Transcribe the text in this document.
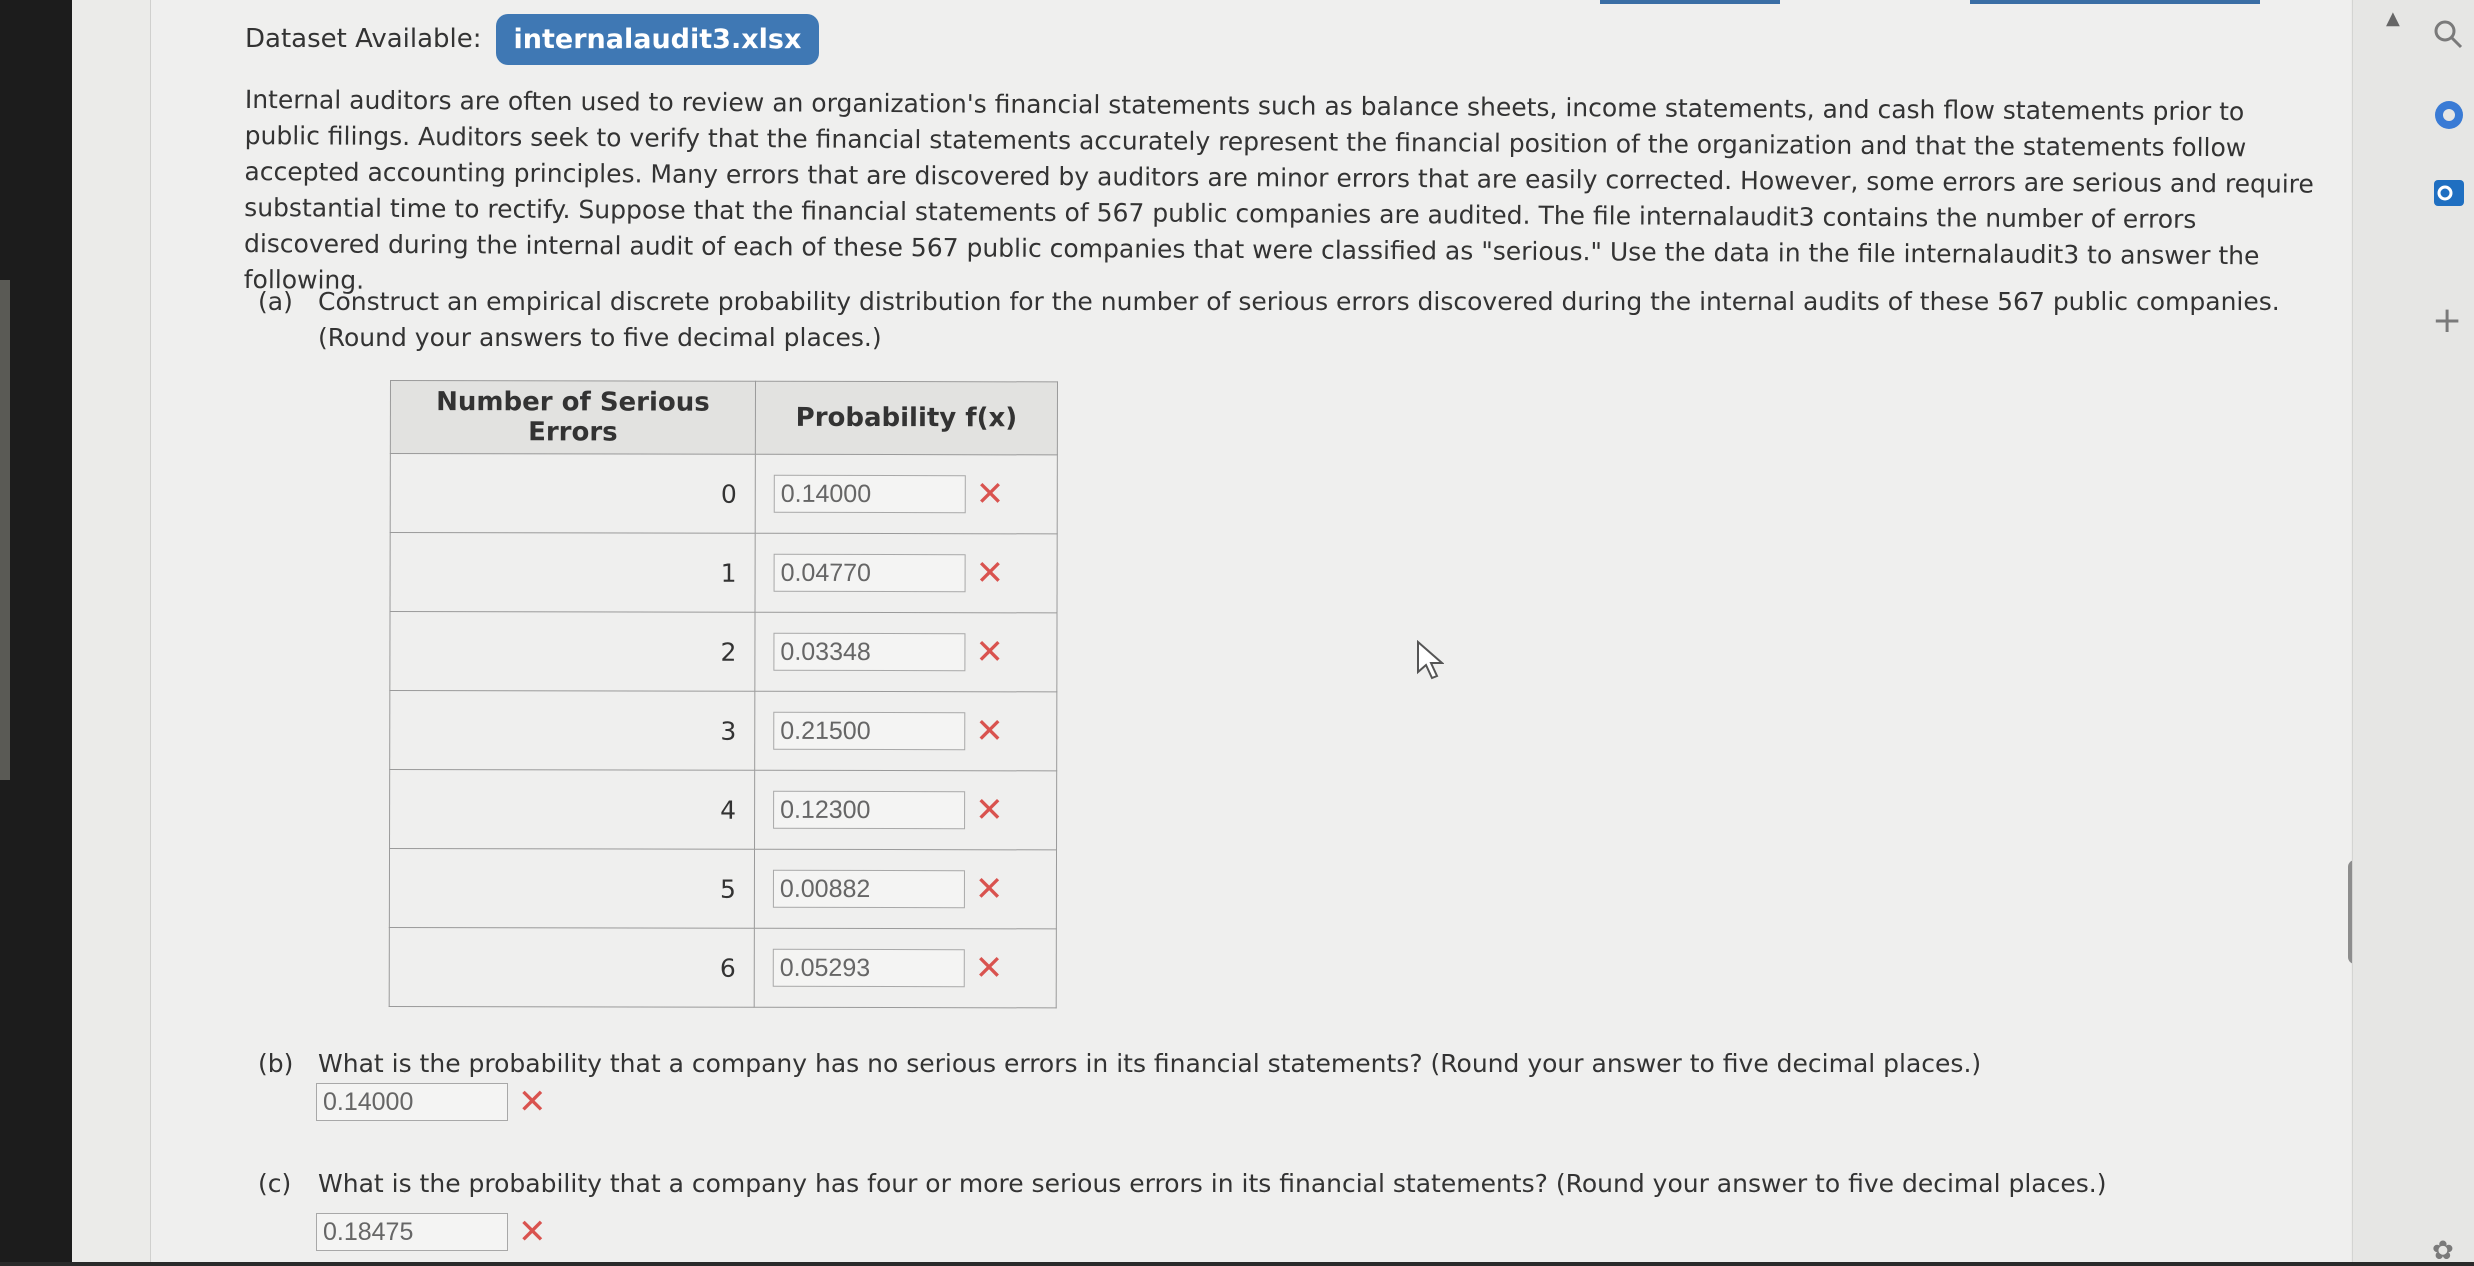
Dataset Available:	internalaudit3.xlsx
Internal auditors are often used to review an organization's financial statements such as balance sheets, income statements, and cash flow statements prior to public filings. Auditors seek to verify that the financial statements accurately represent the financial position of the organization and that the statements follow accepted accounting principles. Many errors that are discovered by auditors are minor errors that are easily corrected. However, some errors are serious and require substantial time to rectify. Suppose that the financial statements of 567 public companies are audited. The file internalaudit3 contains the number of errors discovered during the internal audit of each of these 567 public companies that were classified as "serious." Use the data in the file internalaudit3 to answer the following.
(a) Construct an empirical discrete probability distribution for the number of serious errors discovered during the internal audits of these 567 public companies.
(Round your answers to five decimal places.)
Number of Serious Errors	Probability f(x)
0	0.14000 ✕
1	0.04770 ✕
2	0.03348 ✕
3	0.21500 ✕
4	0.12300 ✕
5	0.00882 ✕
6	0.05293 ✕
(b) What is the probability that a company has no serious errors in its financial statements? (Round your answer to five decimal places.)
0.14000	✕
(c) What is the probability that a company has four or more serious errors in its financial statements? (Round your answer to five decimal places.)
0.18475	✕
▲
+
✿
